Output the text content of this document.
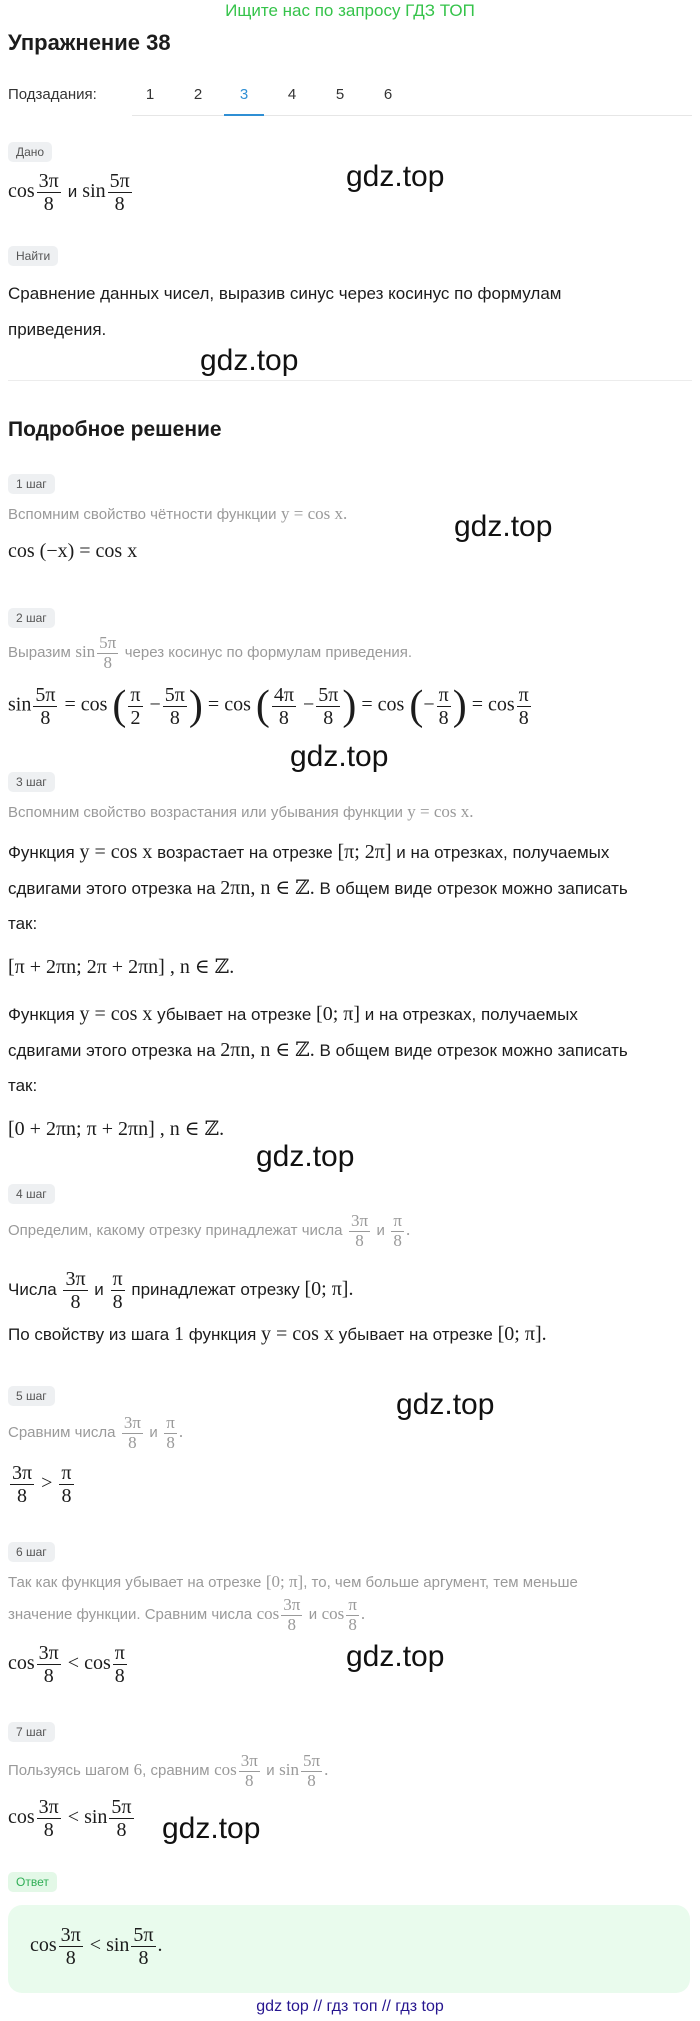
Ищите нас по запросу ГДЗ ТОП
Упражнение 38
Подзадания:	1	2	3	4	5	6
Дано
$\cos \frac{3\pi}{8}$ и $\sin \frac{5\pi}{8}$	gdz.top
Найти
Сравнение данных чисел, выразив синус через косинус по формулам
приведения.
gdz.top
Подробное решение
1 шаг
Вспомним свойство чётности функции y = cos x.	gdz.top
cos (−x) = cos x
2 шаг
Выразим $\sin \frac{5\pi}{8}$ через косинус по формулам приведения.
$\sin \frac{5\pi}{8} = \cos$ ( $\frac{\pi}{2} - \frac{5\pi}{8}$ ) = cos ( $\frac{4\pi}{8} - \frac{5\pi}{8}$ ) = cos (− $\frac{\pi}{8}$ ) = $\cos \frac{\pi}{8}$
gdz.top
3 шаг
Вспомним свойство возрастания или убывания функции y = cos x.
Функция y = cos x возрастает на отрезке [π; 2π] и на отрезках, получаемых
сдвигами этого отрезка на 2πn, n ∈ ℤ. В общем виде отрезок можно записать
так:
[π + 2πn; 2π + 2πn] , n ∈ ℤ.
Функция y = cos x убывает на отрезке [0; π] и на отрезках, получаемых
сдвигами этого отрезка на 2πn, n ∈ ℤ. В общем виде отрезок можно записать
так:
[0 + 2πn; π + 2πn] , n ∈ ℤ.
gdz.top
4 шаг
Определим, какому отрезку принадлежат числа $\frac{3\pi}{8}$ и $\frac{\pi}{8}$ .
Числа $\frac{3\pi}{8}$ и $\frac{\pi}{8}$ принадлежат отрезку [0; π].
По свойству из шага 1 функция y = cos x убывает на отрезке [0; π].
5 шаг	gdz.top
Сравним числа $\frac{3\pi}{8}$ и $\frac{\pi}{8}$ .
$\frac{3\pi}{8} > \frac{\pi}{8}$
6 шаг
Так как функция убывает на отрезке [0; π], то, чем больше аргумент, тем меньше
значение функции. Сравним числа $\cos \frac{3\pi}{8}$ и $\cos \frac{\pi}{8}$ .
$\cos \frac{3\pi}{8} < \cos \frac{\pi}{8}$	gdz.top
7 шаг
Пользуясь шагом 6, сравним $\cos \frac{3\pi}{8}$ и $\sin \frac{5\pi}{8}$ .
$\cos \frac{3\pi}{8} < \sin \frac{5\pi}{8} gdz.top$
Ответ
$\cos \frac{3\pi}{8} < \sin \frac{5\pi}{8}$ .
gdz top // гдз топ // гдз top
